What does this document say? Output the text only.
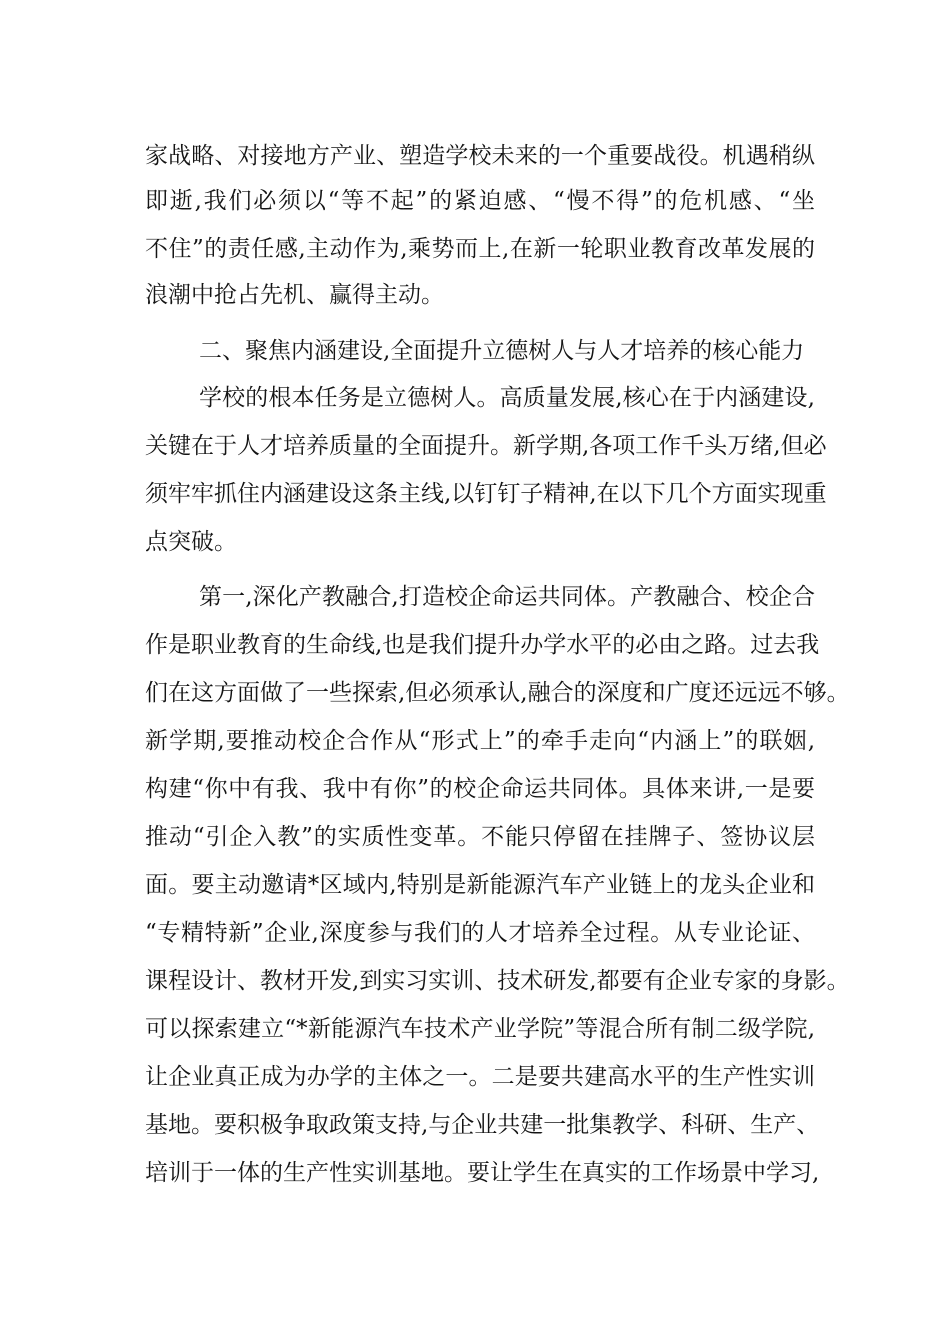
家战略、对接地方产业、塑造学校未来的一个重要战役。机遇稍纵
即逝,我们必须以“等不起”的紧迫感、“慢不得”的危机感、“坐
不住”的责任感,主动作为,乘势而上,在新一轮职业教育改革发展的
浪潮中抢占先机、赢得主动。
二、聚焦内涵建设,全面提升立德树人与人才培养的核心能力
学校的根本任务是立德树人。高质量发展,核心在于内涵建设,
关键在于人才培养质量的全面提升。新学期,各项工作千头万绪,但必
须牢牢抓住内涵建设这条主线,以钉钉子精神,在以下几个方面实现重
点突破。
第一,深化产教融合,打造校企命运共同体。产教融合、校企合
作是职业教育的生命线,也是我们提升办学水平的必由之路。过去我
们在这方面做了一些探索,但必须承认,融合的深度和广度还远远不够。
新学期,要推动校企合作从“形式上”的牵手走向“内涵上”的联姻,
构建“你中有我、我中有你”的校企命运共同体。具体来讲,一是要
推动“引企入教”的实质性变革。不能只停留在挂牌子、签协议层
面。要主动邀请*区域内,特别是新能源汽车产业链上的龙头企业和
“专精特新”企业,深度参与我们的人才培养全过程。从专业论证、
课程设计、教材开发,到实习实训、技术研发,都要有企业专家的身影。
可以探索建立“*新能源汽车技术产业学院”等混合所有制二级学院,
让企业真正成为办学的主体之一。二是要共建高水平的生产性实训
基地。要积极争取政策支持,与企业共建一批集教学、科研、生产、
培训于一体的生产性实训基地。要让学生在真实的工作场景中学习,
